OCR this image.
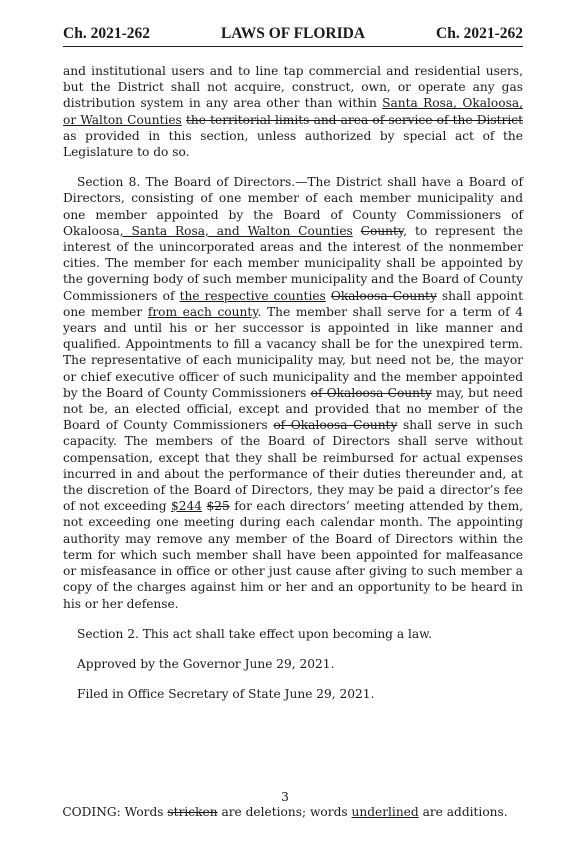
LAWS OF FLORIDA
Ch. 2021-262	Ch. 2021-262

and institutional users and to line tap commercial and residential users, but the District shall not acquire, construct, own, or operate any gas distribution system in any area other than within Santa Rosa, Okaloosa, or Walton Counties the territorial limits and area of service of the District as provided in this section, unless authorized by special act of the Legislature to do so.

Section 8. The Board of Directors.—The District shall have a Board of Directors, consisting of one member of each member municipality and one member appointed by the Board of County Commissioners of Okaloosa, Santa Rosa, and Walton Counties County, to represent the interest of the unincorporated areas and the interest of the nonmember cities. The member for each member municipality shall be appointed by the governing body of such member municipality and the Board of County Commissioners of the respective counties Okaloosa County shall appoint one member from each county. The member shall serve for a term of 4 years and until his or her successor is appointed in like manner and qualified. Appointments to fill a vacancy shall be for the unexpired term. The representative of each municipality may, but need not be, the mayor or chief executive officer of such municipality and the member appointed by the Board of County Commissioners of Okaloosa County may, but need not be, an elected official, except and provided that no member of the Board of County Commissioners of Okaloosa County shall serve in such capacity. The members of the Board of Directors shall serve without compensation, except that they shall be reimbursed for actual expenses incurred in and about the performance of their duties thereunder and, at the discretion of the Board of Directors, they may be paid a director’s fee of not exceeding $244 $25 for each directors’ meeting attended by them, not exceeding one meeting during each calendar month. The appointing authority may remove any member of the Board of Directors within the term for which such member shall have been appointed for malfeasance or misfeasance in office or other just cause after giving to such member a copy of the charges against him or her and an opportunity to be heard in his or her defense.

Section 2. This act shall take effect upon becoming a law.

Approved by the Governor June 29, 2021.

Filed in Office Secretary of State June 29, 2021.

3
CODING: Words stricken are deletions; words underlined are additions.
